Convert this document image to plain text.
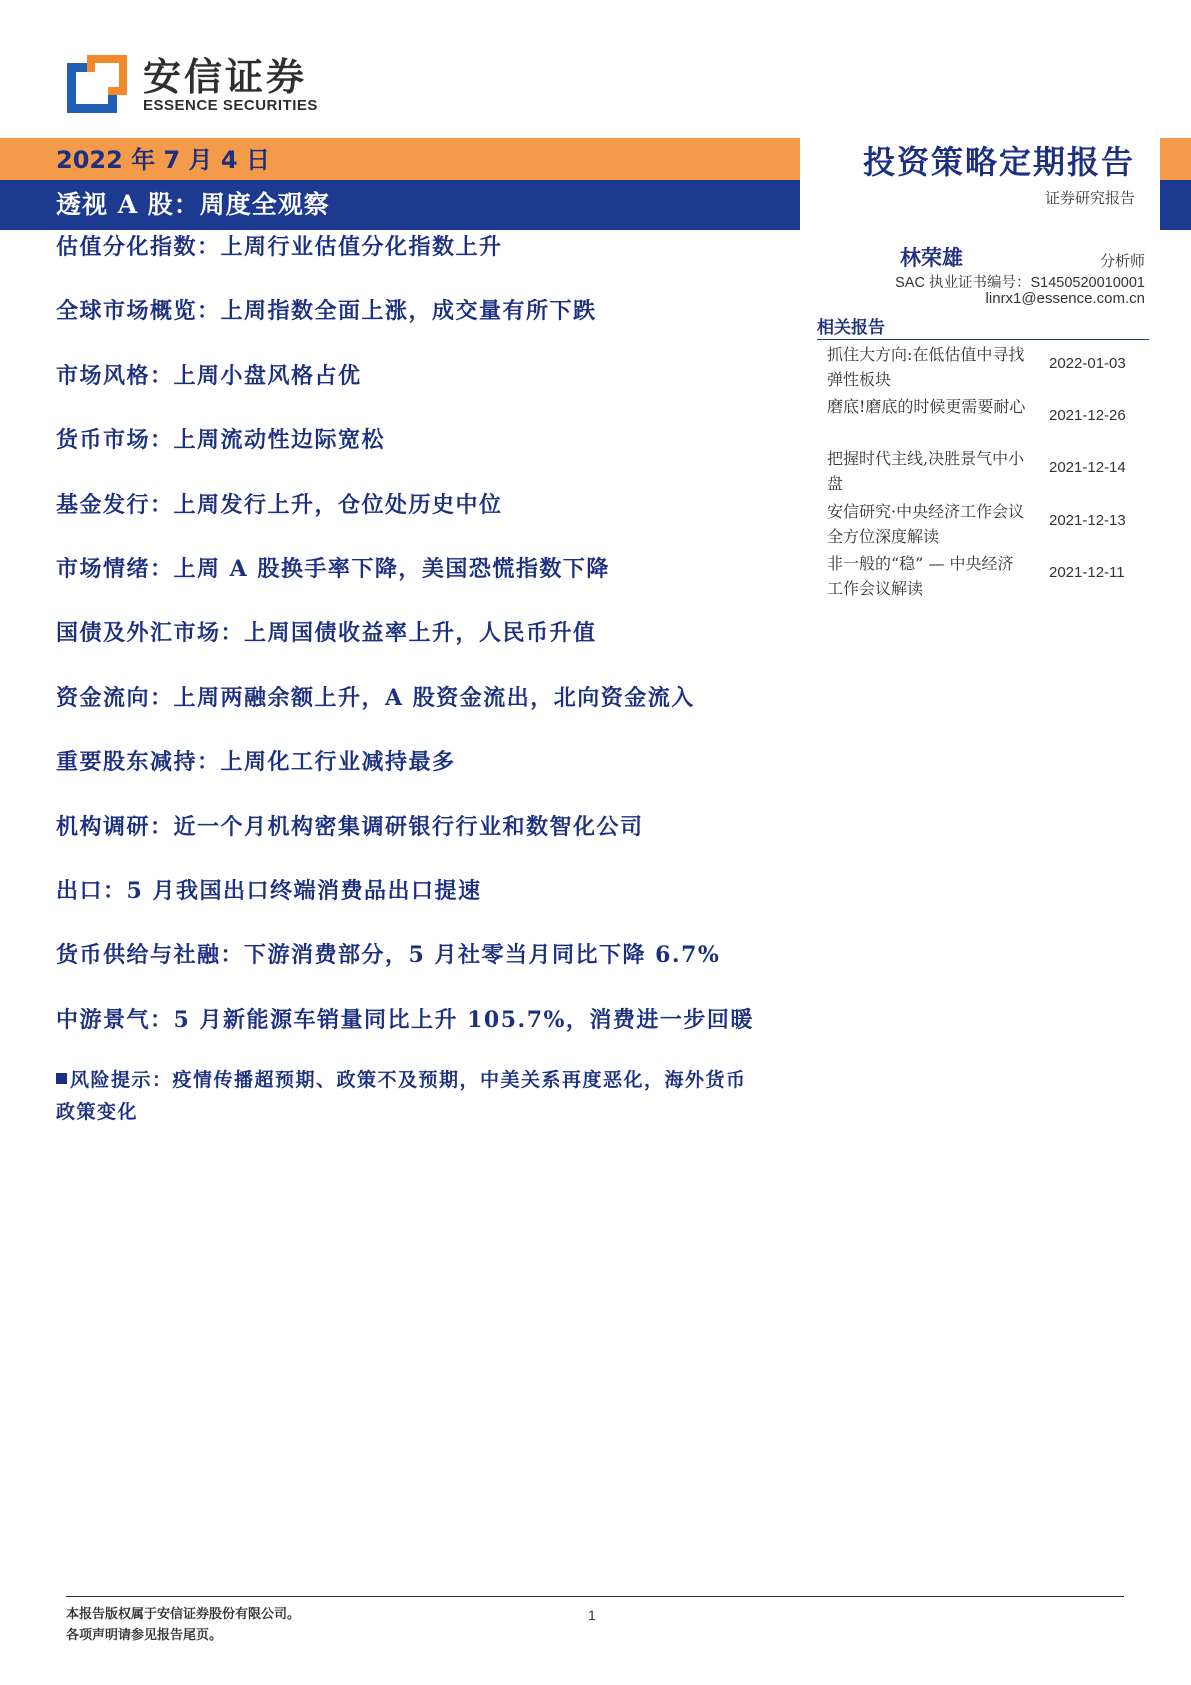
安信证券
ESSENCE SECURITIES
2022 年 7 月 4 日
透视 A 股：周度全观察
投资策略定期报告
证券研究报告
估值分化指数：上周行业估值分化指数上升
全球市场概览：上周指数全面上涨，成交量有所下跌
市场风格：上周小盘风格占优
货币市场：上周流动性边际宽松
基金发行：上周发行上升，仓位处历史中位
市场情绪：上周 A 股换手率下降，美国恐慌指数下降
国债及外汇市场：上周国债收益率上升，人民币升值
资金流向：上周两融余额上升，A 股资金流出，北向资金流入
重要股东减持：上周化工行业减持最多
机构调研：近一个月机构密集调研银行行业和数智化公司
出口：5 月我国出口终端消费品出口提速
货币供给与社融：下游消费部分，5 月社零当月同比下降 6.7%
中游景气：5 月新能源车销量同比上升 105.7%，消费进一步回暖
风险提示：疫情传播超预期、政策不及预期，中美关系再度恶化，海外货币政策变化
林荣雄	分析师
SAC 执业证书编号：S1450520010001
linrx1@essence.com.cn
相关报告
抓住大方向:在低估值中寻找弹性板块
2022-01-03
磨底!磨底的时候更需要耐心 2021-12-26
把握时代主线,决胜景气中小盘
2021-12-14
安信研究·中央经济工作会议全方位深度解读
2021-12-13
非一般的“稳” — 中央经济工作会议解读
2021-12-11
本报告版权属于安信证券股份有限公司。
各项声明请参见报告尾页。
1
